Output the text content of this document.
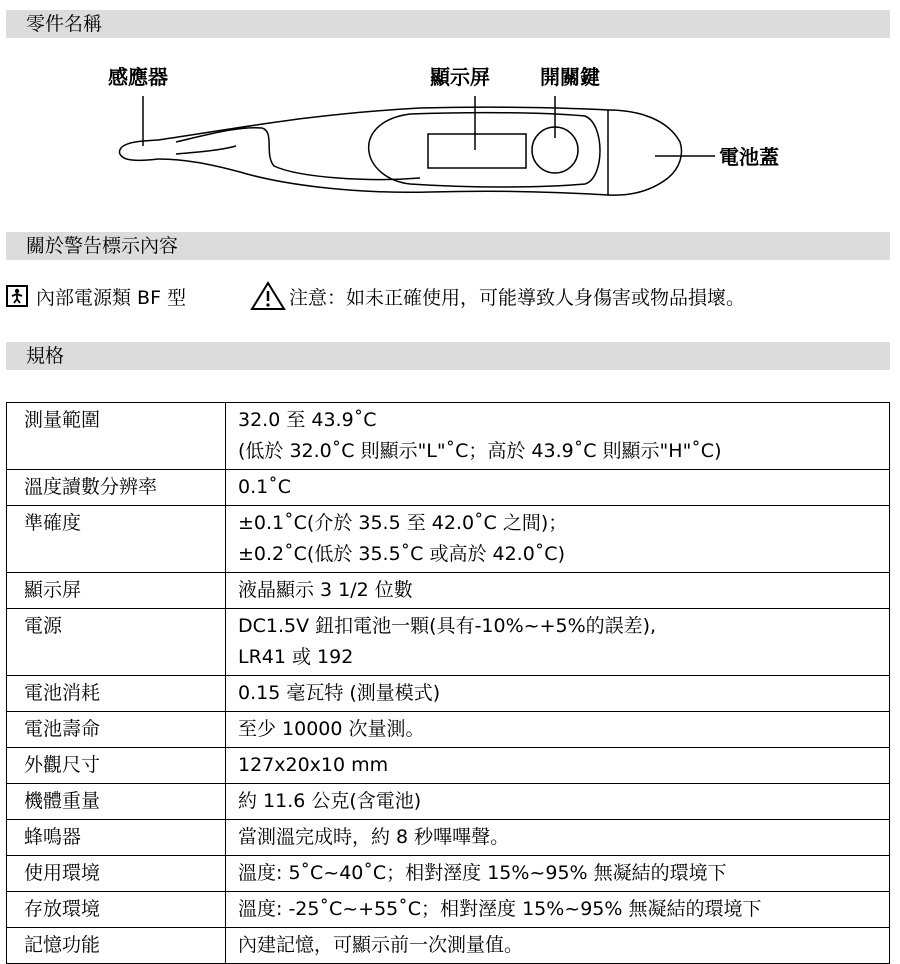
零件名稱
感應器	顯示屏	開關鍵
電池蓋
關於警告標示內容
內部電源類 BF 型	注意：如未正確使用，可能導致人身傷害或物品損壞。
規格
測量範圍	32.0 至 43.9˚C
(低於 32.0˚C 則顯示"L"˚C；高於 43.9˚C 則顯示"H"˚C)

溫度讀數分辨率	0.1˚C

準確度	±0.1˚C(介於 35.5 至 42.0˚C 之間)；
±0.2˚C(低於 35.5˚C 或高於 42.0˚C)

顯示屏	液晶顯示 3 1/2 位數

電源	DC1.5V 鈕扣電池一顆(具有-10%~+5%的誤差),
LR41 或 192

電池消耗	0.15 毫瓦特 (測量模式)

電池壽命	至少 10000 次量測。

外觀尺寸	127x20x10 mm

機體重量	約 11.6 公克(含電池)

蜂鳴器	當測溫完成時，約 8 秒嗶嗶聲。

使用環境	溫度: 5˚C~40˚C；相對溼度 15%~95% 無凝結的環境下

存放環境	溫度: -25˚C~+55˚C；相對溼度 15%~95% 無凝結的環境下

記憶功能	內建記憶，可顯示前一次測量值。
